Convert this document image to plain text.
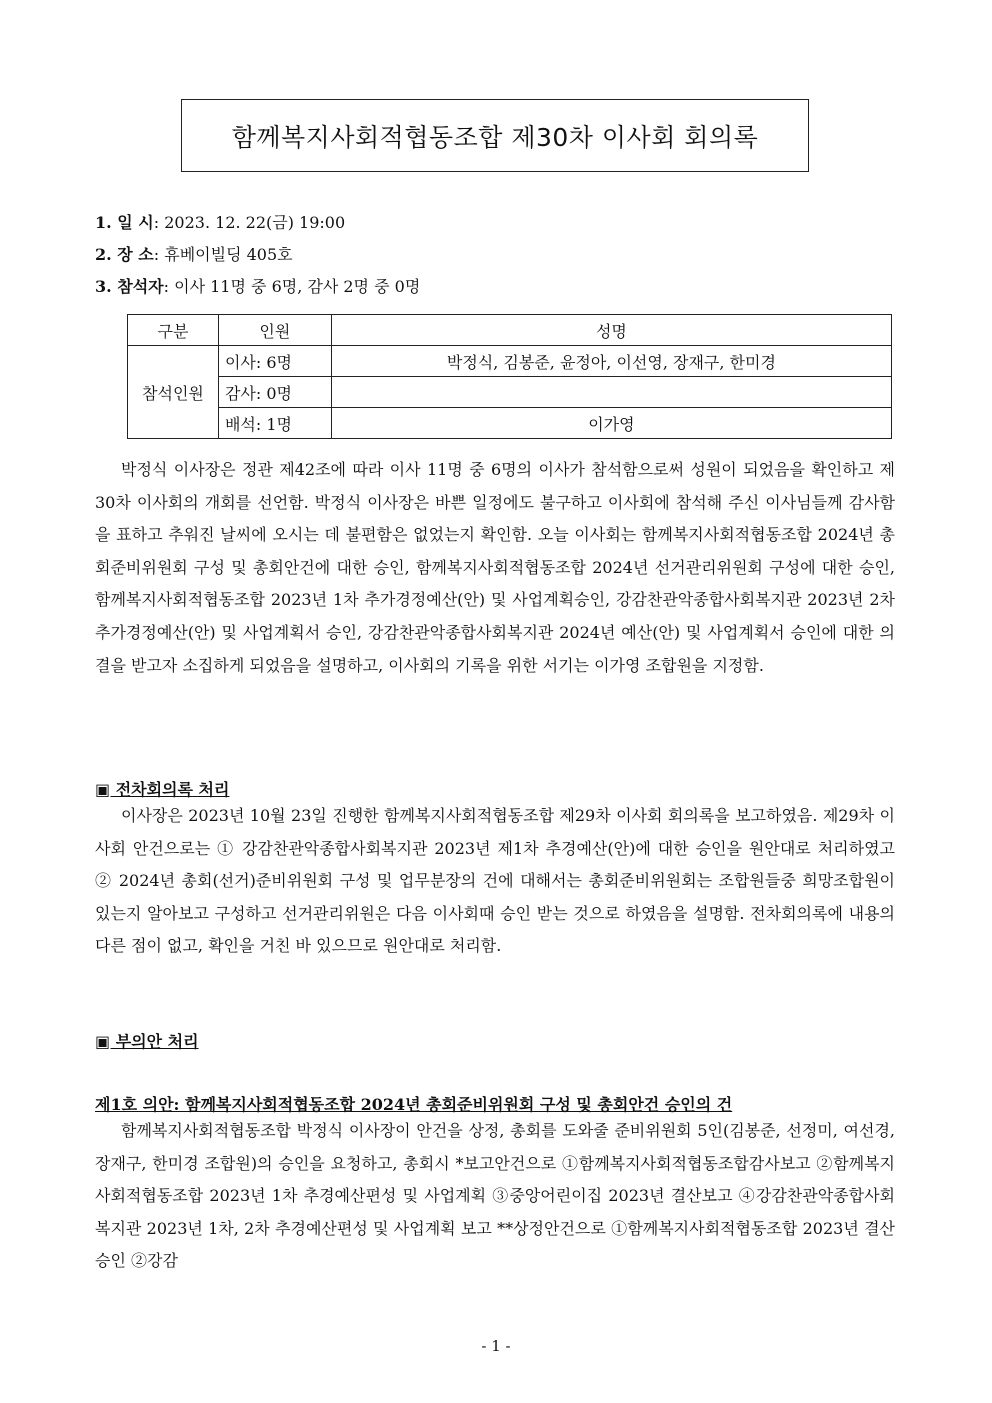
함께복지사회적협동조합 제30차 이사회 회의록
1. 일 시: 2023. 12. 22(금) 19:00
2. 장 소: 휴베이빌딩 405호
3. 참석자: 이사 11명 중 6명, 감사 2명 중 0명
구분	인원	성명
참석인원	이사: 6명	박정식, 김봉준, 윤정아, 이선영, 장재구, 한미경
	감사: 0명	
	배석: 1명	이가영

박정식 이사장은 정관 제42조에 따라 이사 11명 중 6명의 이사가 참석함으로써 성원이 되었음을 확인하고 제30차 이사회의 개회를 선언함. 박정식 이사장은 바쁜 일정에도 불구하고 이사회에 참석해 주신 이사님들께 감사함을 표하고 추워진 날씨에 오시는 데 불편함은 없었는지 확인함. 오늘 이사회는 함께복지사회적협동조합 2024년 총회준비위원회 구성 및 총회안건에 대한 승인, 함께복지사회적협동조합 2024년 선거관리위원회 구성에 대한 승인, 함께복지사회적협동조합 2023년 1차 추가경정예산(안) 및 사업계획승인, 강감찬관악종합사회복지관 2023년 2차 추가경정예산(안) 및 사업계획서 승인, 강감찬관악종합사회복지관 2024년 예산(안) 및 사업계획서 승인에 대한 의결을 받고자 소집하게 되었음을 설명하고, 이사회의 기록을 위한 서기는 이가영 조합원을 지정함.

▣ 전차회의록 처리

이사장은 2023년 10월 23일 진행한 함께복지사회적협동조합 제29차 이사회 회의록을 보고하였음. 제29차 이사회 안건으로는 ① 강감찬관악종합사회복지관 2023년 제1차 추경예산(안)에 대한 승인을 원안대로 처리하였고 ② 2024년 총회(선거)준비위원회 구성 및 업무분장의 건에 대해서는 총회준비위원회는 조합원들중 희망조합원이 있는지 알아보고 구성하고 선거관리위원은 다음 이사회때 승인 받는 것으로 하였음을 설명함. 전차회의록에 내용의 다른 점이 없고, 확인을 거친 바 있으므로 원안대로 처리함.

▣ 부의안 처리
제1호 의안: 함께복지사회적협동조합 2024년 총회준비위원회 구성 및 총회안건 승인의 건

함께복지사회적협동조합 박정식 이사장이 안건을 상정, 총회를 도와줄 준비위원회 5인(김봉준, 선정미, 여선경, 장재구, 한미경 조합원)의 승인을 요청하고, 총회시 *보고안건으로 ①함께복지사회적협동조합감사보고 ②함께복지사회적협동조합 2023년 1차 추경예산편성 및 사업계획 ③중앙어린이집 2023년 결산보고 ④강감찬관악종합사회복지관 2023년 1차, 2차 추경예산편성 및 사업계획 보고 **상정안건으로 ①함께복지사회적협동조합 2023년 결산 승인 ②강감

- 1 -
